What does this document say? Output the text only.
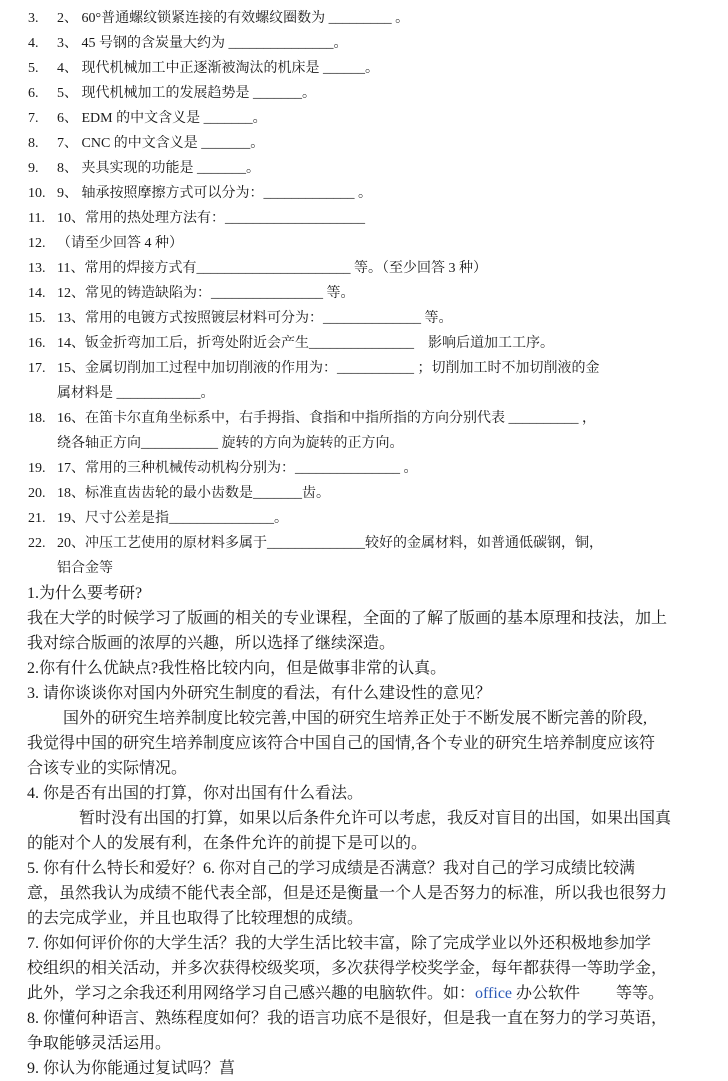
3. 2、 60°普通螺纹锁紧连接的有效螺纹圈数为 _________ 。
4. 3、 45 号钢的含炭量大约为 _______________。
5. 4、 现代机械加工中正逐渐被淘汰的机床是 ______。
6. 5、 现代机械加工的发展趋势是 _______。
7. 6、 EDM 的中文含义是 _______。
8. 7、 CNC 的中文含义是 _______。
9. 8、 夹具实现的功能是 _______。
10. 9、 轴承按照摩擦方式可以分为：_____________ 。
11. 10、常用的热处理方法有：____________________
12. （请至少回答 4 种）
13. 11、常用的焊接方式有______________________ 等。（至少回答 3 种）
14. 12、常见的铸造缺陷为：________________ 等。
15. 13、常用的电镀方式按照镀层材料可分为：______________ 等。
16. 14、钣金折弯加工后，折弯处附近会产生_______________　影响后道加工工序。
17. 15、金属切削加工过程中加切削液的作用为：___________ ；切削加工时不加切削液的金
属材料是 ____________。
18. 16、在笛卡尔直角坐标系中，右手拇指、食指和中指所指的方向分别代表 __________ ，
绕各轴正方向___________ 旋转的方向为旋转的正方向。
19. 17、常用的三种机械传动机构分别为：_______________ 。
20. 18、标准直齿齿轮的最小齿数是_______齿。
21. 19、尺寸公差是指_______________。
22. 20、冲压工艺使用的原材料多属于______________较好的金属材料，如普通低碳钢，铜，
铝合金等

1.为什么要考研?

我在大学的时候学习了版画的相关的专业课程，全面的了解了版画的基本原理和技法，加上
我对综合版画的浓厚的兴趣，所以选择了继续深造。

2.你有什么优缺点?我性格比较内向，但是做事非常的认真。

3. 请你谈谈你对国内外研究生制度的看法，有什么建设性的意见？

　　 国外的研究生培养制度比较完善,中国的研究生培养正处于不断发展不断完善的阶段,
我觉得中国的研究生培养制度应该符合中国自己的国情,各个专业的研究生培养制度应该符
合该专业的实际情况。

4. 你是否有出国的打算，你对出国有什么看法。

　　　 暂时没有出国的打算，如果以后条件允许可以考虑，我反对盲目的出国，如果出国真
的能对个人的发展有利，在条件允许的前提下是可以的。

5. 你有什么特长和爱好？6. 你对自己的学习成绩是否满意？我对自己的学习成绩比较满
意，虽然我认为成绩不能代表全部，但是还是衡量一个人是否努力的标准，所以我也很努力
的去完成学业，并且也取得了比较理想的成绩。

7. 你如何评价你的大学生活？我的大学生活比较丰富，除了完成学业以外还积极地参加学
校组织的相关活动，并多次获得校级奖项，多次获得学校奖学金，每年都获得一等助学金，
此外，学习之余我还利用网络学习自己感兴趣的电脑软件。如：office 办公软件　　 等等。

8. 你懂何种语言、熟练程度如何？我的语言功底不是很好，但是我一直在努力的学习英语，
争取能够灵活运用。

9. 你认为你能通过复试吗？菖
